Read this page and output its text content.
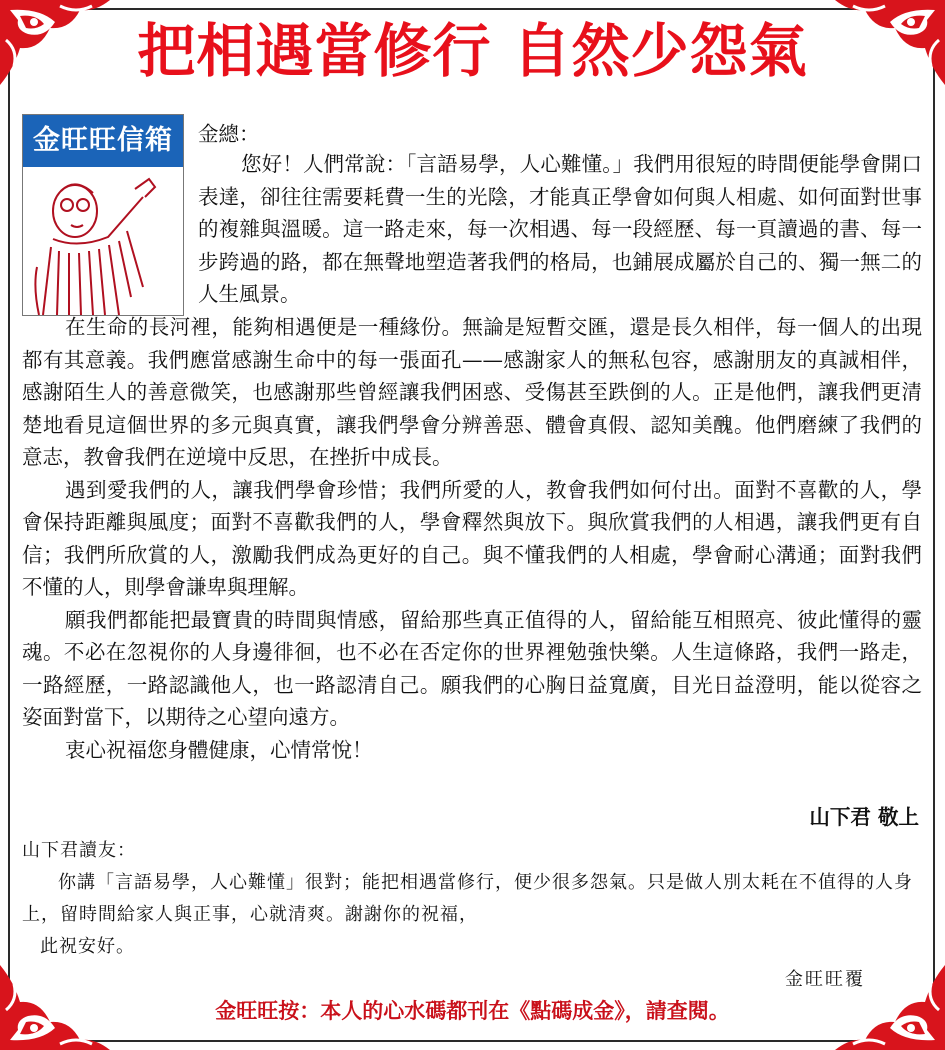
把相遇當修行 自然少怨氣
金旺旺信箱	金總：

您好！人們常說：「言語易學，人心難懂。」我們用很短的時間便能學會開口表達，卻往往需要耗費一生的光陰，才能真正學會如何與人相處、如何面對世事的複雜與溫暖。這一路走來，每一次相遇、每一段經歷、每一頁讀過的書、每一步跨過的路，都在無聲地塑造著我們的格局，也鋪展成屬於自己的、獨一無二的人生風景。

在生命的長河裡，能夠相遇便是一種緣份。無論是短暫交匯，還是長久相伴，每一個人的出現都有其意義。我們應當感謝生命中的每一張面孔——感謝家人的無私包容，感謝朋友的真誠相伴，感謝陌生人的善意微笑，也感謝那些曾經讓我們困惑、受傷甚至跌倒的人。正是他們，讓我們更清楚地看見這個世界的多元與真實，讓我們學會分辨善惡、體會真假、認知美醜。他們磨練了我們的意志，教會我們在逆境中反思，在挫折中成長。

遇到愛我們的人，讓我們學會珍惜；我們所愛的人，教會我們如何付出。面對不喜歡的人，學會保持距離與風度；面對不喜歡我們的人，學會釋然與放下。與欣賞我們的人相遇，讓我們更有自信；我們所欣賞的人，激勵我們成為更好的自己。與不懂我們的人相處，學會耐心溝通；面對我們不懂的人，則學會謙卑與理解。

願我們都能把最寶貴的時間與情感，留給那些真正值得的人，留給能互相照亮、彼此懂得的靈魂。不必在忽視你的人身邊徘徊，也不必在否定你的世界裡勉強快樂。人生這條路，我們一路走，一路經歷，一路認識他人，也一路認清自己。願我們的心胸日益寬廣，目光日益澄明，能以從容之姿面對當下，以期待之心望向遠方。

衷心祝福您身體健康，心情常悅！

山下君 敬上
山下君讀友：
你講「言語易學，人心難懂」很對；能把相遇當修行，便少很多怨氣。只是做人別太耗在不值得的人身上，留時間給家人與正事，心就清爽。謝謝你的祝福，
此祝安好。
金旺旺覆
金旺旺按：本人的心水碼都刊在《點碼成金》，請查閱。
